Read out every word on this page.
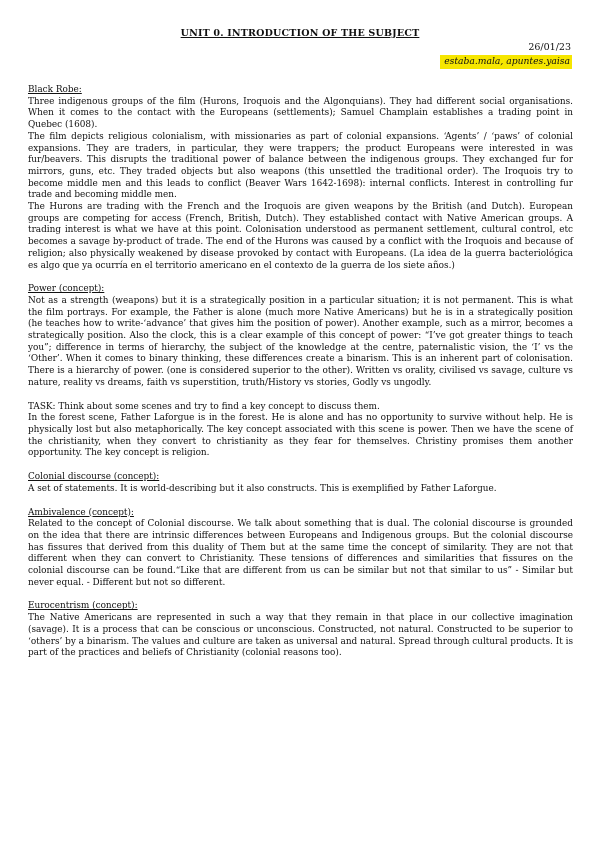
UNIT 0. INTRODUCTION OF THE SUBJECT
26/01/23
estaba.mala, apuntes.yaisa

Black Robe:

Three indigenous groups of the film (Hurons, Iroquois and the Algonquians). They had different social organisations. When it comes to the contact with the Europeans (settlements); Samuel Champlain establishes a trading point in Quebec (1608).

The film depicts religious colonialism, with missionaries as part of colonial expansions. ‘Agents’ / ‘paws’ of colonial expansions. They are traders, in particular, they were trappers; the product Europeans were interested in was fur/beavers. This disrupts the traditional power of balance between the indigenous groups. They exchanged fur for mirrors, guns, etc. They traded objects but also weapons (this unsettled the traditional order). The Iroquois try to become middle men and this leads to conflict (Beaver Wars 1642-1698): internal conflicts. Interest in controlling fur trade and becoming middle men.

The Hurons are trading with the French and the Iroquois are given weapons by the British (and Dutch). European groups are competing for access (French, British, Dutch). They established contact with Native American groups. A trading interest is what we have at this point. Colonisation understood as permanent settlement, cultural control, etc becomes a savage by-product of trade. The end of the Hurons was caused by a conflict with the Iroquois and because of religion; also physically weakened by disease provoked by contact with Europeans. (La idea de la guerra bacteriológica es algo que ya ocurría en el territorio americano en el contexto de la guerra de los siete años.)

Power (concept):

Not as a strength (weapons) but it is a strategically position in a particular situation; it is not permanent. This is what the film portrays. For example, the Father is alone (much more Native Americans) but he is in a strategically position (he teaches how to write-‘advance’ that gives him the position of power). Another example, such as a mirror, becomes a strategically position. Also the clock, this is a clear example of this concept of power: “I’ve got greater things to teach you”; difference in terms of hierarchy, the subject of the knowledge at the centre, paternalistic vision, the ‘I’ vs the ‘Other’. When it comes to binary thinking, these differences create a binarism. This is an inherent part of colonisation. There is a hierarchy of power. (one is considered superior to the other). Written vs orality, civilised vs savage, culture vs nature, reality vs dreams, faith vs superstition, truth/History vs stories, Godly vs ungodly.

TASK: Think about some scenes and try to find a key concept to discuss them.

In the forest scene, Father Laforgue is in the forest. He is alone and has no opportunity to survive without help. He is physically lost but also metaphorically. The key concept associated with this scene is power. Then we have the scene of the christianity, when they convert to christianity as they fear for themselves. Christiny promises them another opportunity. The key concept is religion.

Colonial discourse (concept):

A set of statements. It is world-describing but it also constructs. This is exemplified by Father Laforgue.

Ambivalence (concept):

Related to the concept of Colonial discourse. We talk about something that is dual. The colonial discourse is grounded on the idea that there are intrinsic differences between Europeans and Indigenous groups. But the colonial discourse has fissures that derived from this duality of Them but at the same time the concept of similarity. They are not that different when they can convert to Christianity. These tensions of differences and similarities that fissures on the colonial discourse can be found.“Like that are different from us can be similar but not that similar to us” - Similar but never equal. - Different but not so different.

Eurocentrism (concept):

The Native Americans are represented in such a way that they remain in that place in our collective imagination (savage). It is a process that can be conscious or unconscious. Constructed, not natural. Constructed to be superior to ‘others’ by a binarism. The values and culture are taken as universal and natural. Spread through cultural products. It is part of the practices and beliefs of Christianity (colonial reasons too).
